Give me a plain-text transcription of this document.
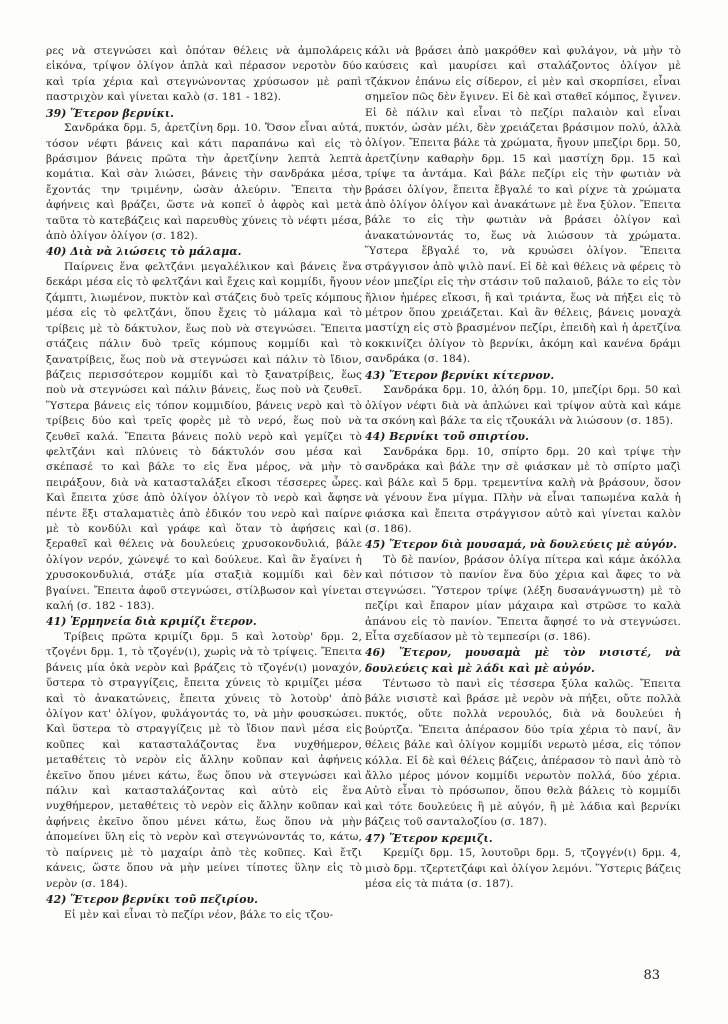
ρες νὰ στεγνώσει καὶ ὁπόταν θέλεις νὰ ἀμπολάρεις εἰκόνα, τρίψον ὀλίγον ἁπλὰ καὶ πέρασον νεροτὸν δύο καὶ τρία χέρια καὶ στεγνώνοντας χρύσωσον μὲ ραπὶ παστριχὸν καὶ γίνεται καλὸ (σ. 181 - 182).

39) Ἕτερον βερνίκι.

Σανδράκα δρμ. 5, ἀρετζίνη δρμ. 10. Ὅσον εἶναι αὐτά, τόσον νέφτι βάνεις καὶ κάτι παραπάνω καὶ εἰς τὸ βράσιμον βάνεις πρῶτα τὴν ἀρετζίνην λεπτὰ λεπτὰ κομάτια. Καὶ σὰν λιώσει, βάνεις τὴν σανδράκα μέσα, ἔχοντάς την τριμένην, ὡσὰν ἀλεύριν. Ἔπειτα τὴν ἀφήνεις καὶ βράζει, ὥστε νὰ κοπεῖ ὁ ἀφρὸς καὶ μετὰ ταῦτα τὸ κατεβάζεις καὶ παρευθὺς χύνεις τὸ νέφτι μέσα, ἀπὸ ὀλίγον ὀλίγον (σ. 182).

40) Διὰ νὰ λιώσεις τὸ μάλαμα.

Παίρνεις ἕνα φελτζάνι μεγαλέλικον καὶ βάνεις ἕνα δεκάρι μέσα εἰς τὸ φελτζάνι καὶ ἔχεις καὶ κομμίδι, ἤγουν ζάμπτι, λιωμένον, πυκτὸν καὶ στάζεις δυὸ τρεῖς κόμπους μέσα εἰς τὸ φελτζάνι, ὅπου ἔχεις τὸ μάλαμα καὶ τὸ τρίβεις μὲ τὸ δάκτυλον, ἕως ποὺ νὰ στεγνώσει. Ἔπειτα στάζεις πάλιν δυὸ τρεῖς κόμπους κομμίδι καὶ τὸ ξανατρίβεις, ἕως ποὺ νὰ στεγνώσει καὶ πάλιν τὸ ἴδιον, βάζεις περισσότερον κομμίδι καὶ τὸ ξανατρίβεις, ἕως ποὺ νὰ στεγνώσει καὶ πάλιν βάνεις, ἕως ποὺ νὰ ζευθεῖ. Ὕστερα βάνεις εἰς τόπον κομμιδίου, βάνεις νερὸ καὶ τὸ τρίβεις δύο καὶ τρεῖς φορὲς μὲ τὸ νερό, ἕως ποὺ νὰ ζευθεῖ καλά. Ἔπειτα βάνεις πολὺ νερὸ καὶ γεμίζει τὸ φελτζάνι καὶ πλύνεις τὸ δάκτυλόν σου μέσα καὶ σκέπασέ το καὶ βάλε το εἰς ἕνα μέρος, νὰ μὴν τὸ πειράξουν, διὰ νὰ κατασταλάξει εἴκοσι τέσσερες ὧρες. Καὶ ἔπειτα χύσε ἀπὸ ὀλίγον ὀλίγον τὸ νερὸ καὶ ἄφησε πέντε ἕξι σταλαματιὲς ἀπὸ ἐδικόν του νερὸ καὶ παίρνε μὲ τὸ κονδύλι καὶ γράφε καὶ ὅταν τὸ ἀφήσεις καὶ ξεραθεῖ καὶ θέλεις νὰ δουλεύεις χρυσοκονδυλιά, βάλε ὀλίγον νερόν, χώνεψέ το καὶ δούλευε. Καὶ ἂν ἔγαίνει ἡ χρυσοκονδυλιά, στάξε μία σταξιὰ κομμίδι καὶ δὲν βγαίνει. Ἔπειτα ἀφοῦ στεγνώσει, στίλβωσον καὶ γίνεται καλή (σ. 182 - 183).

41) Ἑρμηνεία διὰ κριμίζι ἕτερον.

Τρίβεις πρῶτα κριμίζι δρμ. 5 καὶ λοτοὺρ' δρμ. 2, τζογένι δρμ. 1, τὸ τζογέν(ι), χωρὶς νὰ τὸ τρίψεις. Ἔπειτα βάνεις μία ὀκὰ νερὸν καὶ βράζεις τὸ τζογέν(ι) μοναχόν, ὕστερα τὸ στραγγίζεις, ἔπειτα χύνεις τὸ κριμίζει μέσα καὶ τὸ ἀνακατώνεις, ἔπειτα χύνεις τὸ λοτοὺρ' ἀπὸ ὀλίγον κατ' ὀλίγον, φυλάγοντάς το, νὰ μὴν φουσκώσει. Καὶ ὕστερα τὸ στραγγίζεις μὲ τὸ ἴδιον πανὶ μέσα εἰς κοῦπες καὶ κατασταλάζοντας ἕνα νυχθήμερον, μεταθέτεις τὸ νερὸν εἰς ἄλλην κοῦπαν καὶ ἀφήνεις ἐκεῖνο ὅπου μένει κάτω, ἕως ὅπου νὰ στεγνώσει καὶ πάλιν καὶ κατασταλάζοντας καὶ αὐτὸ εἰς ἕνα νυχθήμερον, μεταθέτεις τὸ νερὸν εἰς ἄλλην κοῦπαν καὶ ἀφήνεις ἐκεῖνο ὅπου μένει κάτω, ἕως ὅπου νὰ μὴν ἀπομείνει ὕλη εἰς τὸ νερὸν καὶ στεγνώνοντάς το, κάτω, τὸ παίρνεις μὲ τὸ μαχαίρι ἀπὸ τὲς κοῦπες. Καὶ ἔτζι κάνεις, ὥστε ὅπου νὰ μὴν μείνει τίποτες ὕλην εἰς τὸ νερὸν (σ. 184).

42) Ἕτερον βερνίκι τοῦ πεζιρίου.

Εἰ μὲν καὶ εἶναι τὸ πεζίρι νέον, βάλε το εἰς τζου-

κάλι νὰ βράσει ἀπὸ μακρόθεν καὶ φυλάγον, νὰ μὴν τὸ καύσεις καὶ μαυρίσει καὶ σταλάζοντος ὀλίγον μὲ τζάκνον ἐπάνω εἰς σίδερον, εἰ μὲν καὶ σκορπίσει, εἶναι σημεῖον πῶς δὲν ἔγινεν. Εἰ δὲ καὶ σταθεῖ κόμπος, ἔγινεν. Εἰ δὲ πάλιν καὶ εἶναι τὸ πεζίρι παλαιὸν καὶ εἶναι πυκτόν, ὡσὰν μέλι, δὲν χρειάζεται βράσιμον πολύ, ἀλλὰ ὀλίγον. Ἔπειτα βάλε τὰ χρώματα, ἤγουν μπεζίρι δρμ. 50, ἀρετζίνην καθαρὴν δρμ. 15 καὶ μαστίχη δρμ. 15 καὶ τρίψε τα ἀντάμα. Καὶ βάλε πεζίρι εἰς τὴν φωτιὰν νὰ βράσει ὀλίγον, ἔπειτα ἔβγαλέ το καὶ ρίχνε τὰ χρώματα ἀπὸ ὀλίγον ὀλίγον καὶ ἀνακάτωνε μὲ ἕνα ξύλον. Ἔπειτα βάλε το εἰς τὴν φωτιὰν νὰ βράσει ὀλίγον καὶ ἀνακατώνοντάς το, ἕως νὰ λιώσουν τὰ χρώματα. Ὕστερα ἔβγαλέ το, νὰ κρυώσει ὀλίγον. Ἔπειτα στράγγισον ἀπὸ ψιλὸ πανί. Εἰ δὲ καὶ θέλεις νὰ φέρεις τὸ νέον μπεζίρι εἰς τὴν στάσιν τοῦ παλαιοῦ, βάλε το εἰς τὸν ἥλιον ἡμέρες εἴκοσι, ἢ καὶ τριάντα, ἕως νὰ πήξει εἰς τὸ μέτρον ὅπου χρειάζεται. Καὶ ἂν θέλεις, βάνεις μοναχὰ μαστίχη εἰς στὸ βρασμένον πεζίρι, ἐπειδὴ καὶ ἡ ἀρετζίνα κοκκινίζει ὀλίγον τὸ βερνίκι, ἀκόμη καὶ κανένα δράμι σανδράκα (σ. 184).

43) Ἕτερον βερνίκι κίτερνον.

Σανδράκα δρμ. 10, ἀλόη δρμ. 10, μπεζίρι δρμ. 50 καὶ ὀλίγον νέφτι διὰ νὰ ἁπλώνει καὶ τρίψον αὐτὰ καὶ κάμε τα σκόνη καὶ βάλε τα εἰς τζουκάλι νὰ λιώσουν (σ. 185).

44) Βερνίκι τοῦ σπιρτίου.

Σανδράκα δρμ. 10, σπίρτο δρμ. 20 καὶ τρίψε τὴν σανδράκα καὶ βάλε την σὲ φιάσκαν μὲ τὸ σπίρτο μαζὶ καὶ βάλε καὶ 5 δρμ. τρεμεντίνα καλὴ νὰ βράσουν, ὅσον νὰ γένουν ἕνα μίγμα. Πλὴν νὰ εἶναι ταπωμένα καλὰ ἡ φιάσκα καὶ ἔπειτα στράγγισον αὐτὸ καὶ γίνεται καλὸν (σ. 186).

45) Ἕτερον διὰ μουσαμά, νὰ δουλεύεις μὲ αὐγόν.

Τὸ δὲ πανίον, βράσον ὀλίγα πίτερα καὶ κάμε ἀκόλλα καὶ πότισον τὸ πανίον ἕνα δύο χέρια καὶ ἄφες το νὰ στεγνώσει. Ὕστερον τρίψε (λέξη δυσανάγνωστη) μὲ τὸ πεζίρι καὶ ἔπαρον μίαν μάχαιρα καὶ στρῶσε το καλὰ ἁπάνου εἰς τὸ πανίον. Ἔπειτα ἄφησέ το νὰ στεγνώσει. Εἶτα σχεδίασον μὲ τὸ τεμπεσίρι (σ. 186).

46) Ἕτερον, μουσαμὰ μὲ τὸν νισιστέ, νὰ δουλεύεις καὶ μὲ λάδι καὶ μὲ αὐγόν.

Τέντωσο τὸ πανὶ εἰς τέσσερα ξύλα καλῶς. Ἔπειτα βάλε νισιστὲ καὶ βράσε μὲ νερὸν νὰ πήξει, οὔτε πολλὰ πυκτός, οὔτε πολλὰ νερουλός, διὰ νὰ δουλεύει ἡ βούρτζα. Ἔπειτα ἀπέρασον δύο τρία χέρια τὸ πανί, ἂν θέλεις βάλε καὶ ὀλίγον κομμίδι νερωτὸ μέσα, εἰς τόπον κόλλα. Εἰ δὲ καὶ θέλεις βάζεις, ἀπέρασον τὸ πανὶ ἀπὸ τὸ ἄλλο μέρος μόνον κομμίδι νερωτὸν πολλά, δύο χέρια. Αὐτὸ εἶναι τὸ πρόσωπον, ὅπου θελὰ βάλεις τὸ κομμίδι καὶ τότε δουλεύεις ἢ μὲ αὐγόν, ἢ μὲ λάδια καὶ βερνίκι βάζεις τοῦ σανταλοζίου (σ. 187).

47) Ἕτερον κρεμιζι.

Κρεμίζι δρμ. 15, λουτοῦρι δρμ. 5, τζογγέν(ι) δρμ. 4, μισὸ δρμ. τζερτετζάφι καὶ ὀλίγον λεμόνι. Ὕστερις βάζεις μέσα εἰς τὰ πιάτα (σ. 187).

83
